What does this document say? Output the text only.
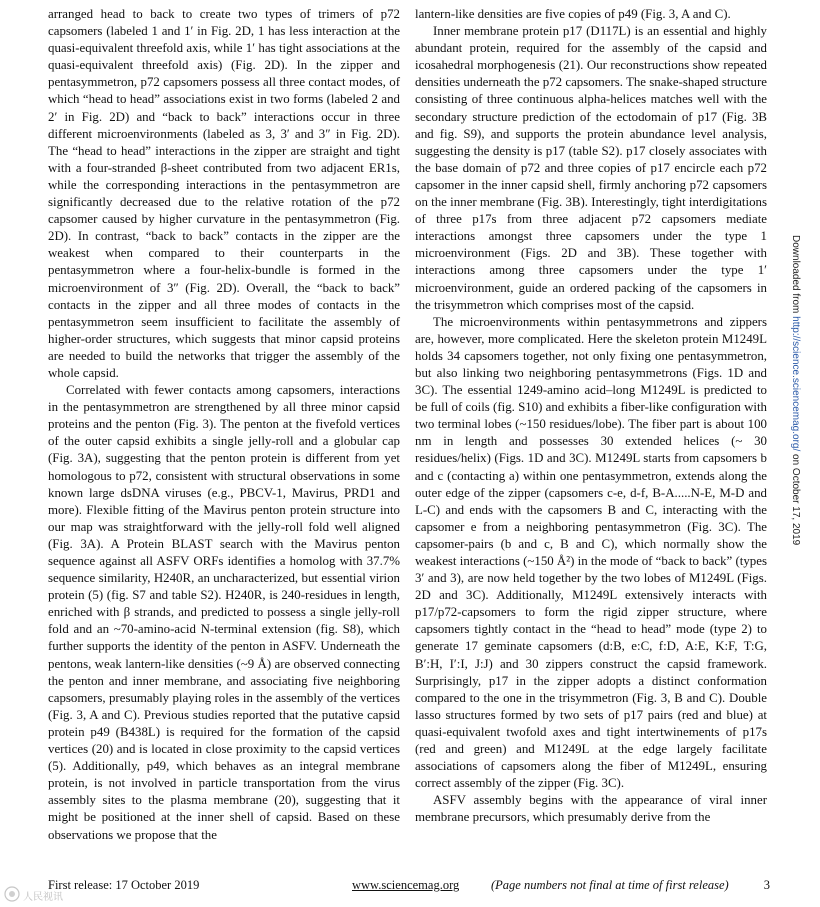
arranged head to back to create two types of trimers of p72 capsomers (labeled 1 and 1′ in Fig. 2D, 1 has less interaction at the quasi-equivalent threefold axis, while 1′ has tight associations at the quasi-equivalent threefold axis) (Fig. 2D). In the zipper and pentasymmetron, p72 capsomers possess all three contact modes, of which “head to head” associations exist in two forms (labeled 2 and 2′ in Fig. 2D) and “back to back” interactions occur in three different microenvironments (labeled as 3, 3′ and 3″ in Fig. 2D). The “head to head” interactions in the zipper are straight and tight with a four-stranded β-sheet contributed from two adjacent ER1s, while the corresponding interactions in the pentasymmetron are significantly decreased due to the relative rotation of the p72 capsomer caused by higher curvature in the pentasymmetron (Fig. 2D). In contrast, “back to back” contacts in the zipper are the weakest when compared to their counterparts in the pentasymmetron where a four-helix-bundle is formed in the microenvironment of 3″ (Fig. 2D). Overall, the “back to back” contacts in the zipper and all three modes of contacts in the pentasymmetron seem insufficient to facilitate the assembly of higher-order structures, which suggests that minor capsid proteins are needed to build the networks that trigger the assembly of the whole capsid.

Correlated with fewer contacts among capsomers, interactions in the pentasymmetron are strengthened by all three minor capsid proteins and the penton (Fig. 3). The penton at the fivefold vertices of the outer capsid exhibits a single jelly-roll and a globular cap (Fig. 3A), suggesting that the penton protein is different from yet homologous to p72, consistent with structural observations in some known large dsDNA viruses (e.g., PBCV-1, Mavirus, PRD1 and more). Flexible fitting of the Mavirus penton protein structure into our map was straightforward with the jelly-roll fold well aligned (Fig. 3A). A Protein BLAST search with the Mavirus penton sequence against all ASFV ORFs identifies a homolog with 37.7% sequence similarity, H240R, an uncharacterized, but essential virion protein (5) (fig. S7 and table S2). H240R, is 240-residues in length, enriched with β strands, and predicted to possess a single jelly-roll fold and an ~70-amino-acid N-terminal extension (fig. S8), which further supports the identity of the penton in ASFV. Underneath the pentons, weak lantern-like densities (~9 Å) are observed connecting the penton and inner membrane, and associating five neighboring capsomers, presumably playing roles in the assembly of the vertices (Fig. 3, A and C). Previous studies reported that the putative capsid protein p49 (B438L) is required for the formation of the capsid vertices (20) and is located in close proximity to the capsid vertices (5). Additionally, p49, which behaves as an integral membrane protein, is not involved in particle transportation from the virus assembly sites to the plasma membrane (20), suggesting that it might be positioned at the inner shell of capsid. Based on these observations we propose that the

lantern-like densities are five copies of p49 (Fig. 3, A and C).

Inner membrane protein p17 (D117L) is an essential and highly abundant protein, required for the assembly of the capsid and icosahedral morphogenesis (21). Our reconstructions show repeated densities underneath the p72 capsomers. The snake-shaped structure consisting of three continuous alpha-helices matches well with the secondary structure prediction of the ectodomain of p17 (Fig. 3B and fig. S9), and supports the protein abundance level analysis, suggesting the density is p17 (table S2). p17 closely associates with the base domain of p72 and three copies of p17 encircle each p72 capsomer in the inner capsid shell, firmly anchoring p72 capsomers on the inner membrane (Fig. 3B). Interestingly, tight interdigitations of three p17s from three adjacent p72 capsomers mediate interactions amongst three capsomers under the type 1 microenvironment (Figs. 2D and 3B). These together with interactions among three capsomers under the type 1′ microenvironment, guide an ordered packing of the capsomers in the trisymmetron which comprises most of the capsid.

The microenvironments within pentasymmetrons and zippers are, however, more complicated. Here the skeleton protein M1249L holds 34 capsomers together, not only fixing one pentasymmetron, but also linking two neighboring pentasymmetrons (Figs. 1D and 3C). The essential 1249-amino acid–long M1249L is predicted to be full of coils (fig. S10) and exhibits a fiber-like configuration with two terminal lobes (~150 residues/lobe). The fiber part is about 100 nm in length and possesses 30 extended helices (~ 30 residues/helix) (Figs. 1D and 3C). M1249L starts from capsomers b and c (contacting a) within one pentasymmetron, extends along the outer edge of the zipper (capsomers c-e, d-f, B-A.....N-E, M-D and L-C) and ends with the capsomers B and C, interacting with the capsomer e from a neighboring pentasymmetron (Fig. 3C). The capsomer-pairs (b and c, B and C), which normally show the weakest interactions (~150 Å²) in the mode of “back to back” (types 3′ and 3), are now held together by the two lobes of M1249L (Figs. 2D and 3C). Additionally, M1249L extensively interacts with p17/p72-capsomers to form the rigid zipper structure, where capsomers tightly contact in the “head to head” mode (type 2) to generate 17 geminate capsomers (d:B, e:C, f:D, A:E, K:F, T:G, B′:H, I′:I, J:J) and 30 zippers construct the capsid framework. Surprisingly, p17 in the zipper adopts a distinct conformation compared to the one in the trisymmetron (Fig. 3, B and C). Double lasso structures formed by two sets of p17 pairs (red and blue) at quasi-equivalent twofold axes and tight intertwinements of p17s (red and green) and M1249L at the edge largely facilitate associations of capsomers along the fiber of M1249L, ensuring correct assembly of the zipper (Fig. 3C).

ASFV assembly begins with the appearance of viral inner membrane precursors, which presumably derive from the

Downloaded from http://science.sciencemag.org/ on October 17, 2019
First release: 17 October 2019	www.sciencemag.org	(Page numbers not final at time of first release)	3
人民视讯
